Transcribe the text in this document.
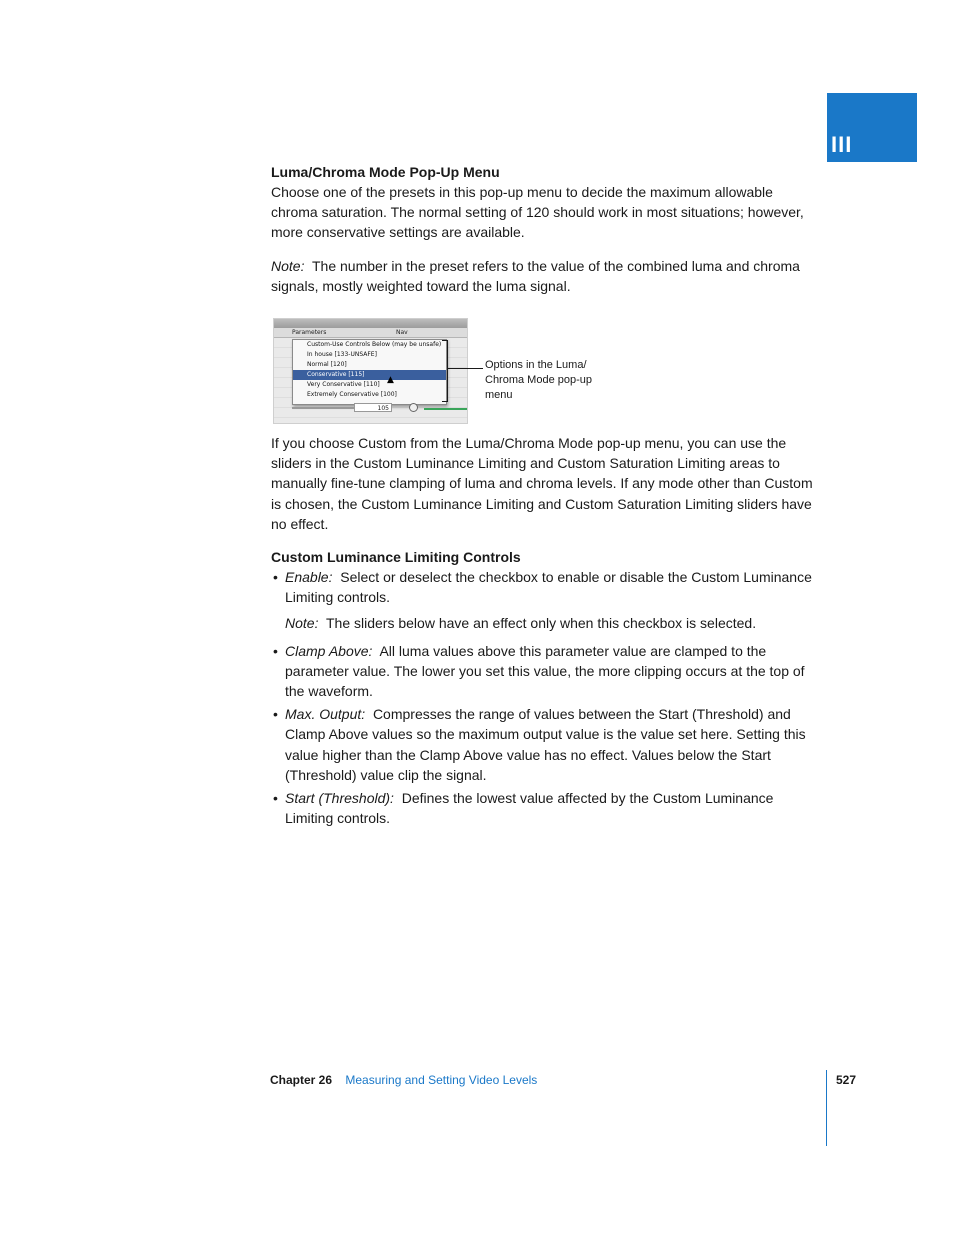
III
Luma/Chroma Mode Pop-Up Menu

Choose one of the presets in this pop-up menu to decide the maximum allowable chroma saturation. The normal setting of 120 should work in most situations; however, more conservative settings are available.

Note: The number in the preset refers to the value of the combined luma and chroma signals, mostly weighted toward the luma signal.

Parameters	Nav
Custom-Use Controls Below (may be unsafe)
In house [133-UNSAFE]
Normal [120]
Conservative [115]
Very Conservative [110]
Extremely Conservative [100]
▲
105
Options in the Luma/ Chroma Mode pop-up menu

If you choose Custom from the Luma/Chroma Mode pop-up menu, you can use the sliders in the Custom Luminance Limiting and Custom Saturation Limiting areas to manually fine-tune clamping of luma and chroma levels. If any mode other than Custom is chosen, the Custom Luminance Limiting and Custom Saturation Limiting sliders have no effect.

Custom Luminance Limiting Controls
• Enable: Select or deselect the checkbox to enable or disable the Custom Luminance Limiting controls.

Note: The sliders below have an effect only when this checkbox is selected.

• Clamp Above: All luma values above this parameter value are clamped to the parameter value. The lower you set this value, the more clipping occurs at the top of the waveform.
• Max. Output: Compresses the range of values between the Start (Threshold) and Clamp Above values so the maximum output value is the value set here. Setting this value higher than the Clamp Above value has no effect. Values below the Start (Threshold) value clip the signal.
• Start (Threshold): Defines the lowest value affected by the Custom Luminance Limiting controls.
Chapter 26 Measuring and Setting Video Levels	527
